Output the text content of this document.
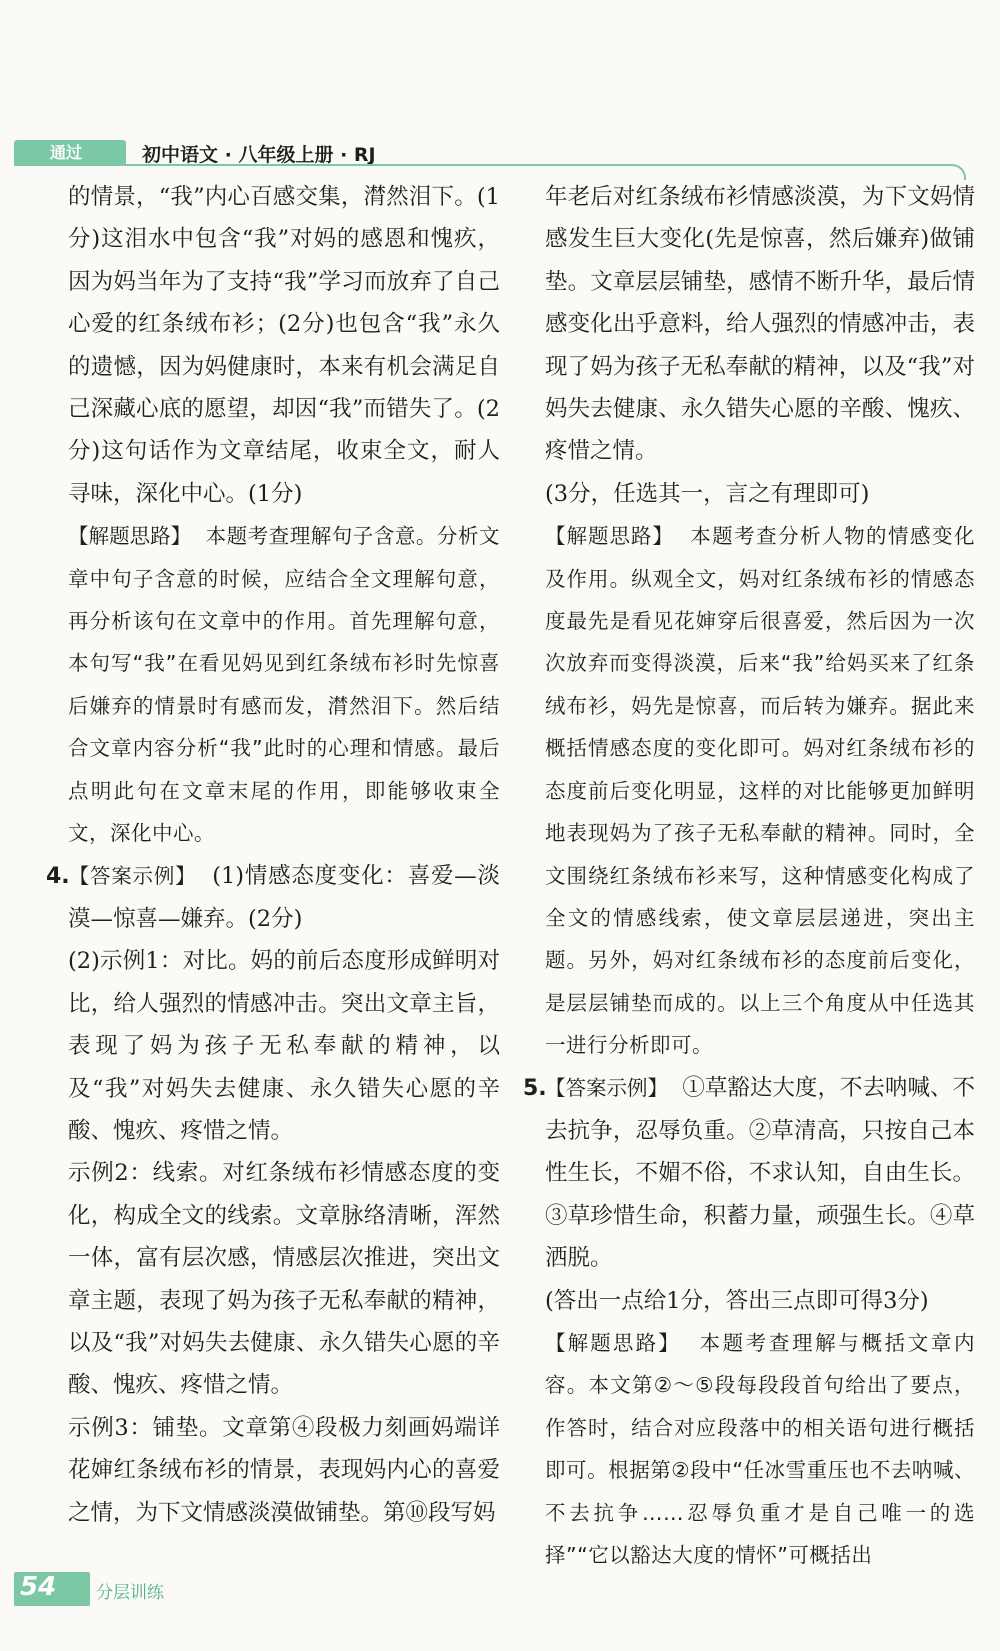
通过	初中语文 · 八年级上册 · RJ

的情景，“我”内心百感交集，潸然泪下。(1分)这泪水中包含“我”对妈的感恩和愧疚，因为妈当年为了支持“我”学习而放弃了自己心爱的红条绒布衫；(2分)也包含“我”永久的遗憾，因为妈健康时，本来有机会满足自己深藏心底的愿望，却因“我”而错失了。(2分)这句话作为文章结尾，收束全文，耐人寻味，深化中心。(1分)

【解题思路】 本题考查理解句子含意。分析文章中句子含意的时候，应结合全文理解句意，再分析该句在文章中的作用。首先理解句意，本句写“我”在看见妈见到红条绒布衫时先惊喜后嫌弃的情景时有感而发，潸然泪下。然后结合文章内容分析“我”此时的心理和情感。最后点明此句在文章末尾的作用，即能够收束全文，深化中心。

4.【答案示例】 (1)情感态度变化：喜爱—淡漠—惊喜—嫌弃。(2分)

(2)示例1：对比。妈的前后态度形成鲜明对比，给人强烈的情感冲击。突出文章主旨，表现了妈为孩子无私奉献的精神，以及“我”对妈失去健康、永久错失心愿的辛酸、愧疚、疼惜之情。

示例2：线索。对红条绒布衫情感态度的变化，构成全文的线索。文章脉络清晰，浑然一体，富有层次感，情感层次推进，突出文章主题，表现了妈为孩子无私奉献的精神，以及“我”对妈失去健康、永久错失心愿的辛酸、愧疚、疼惜之情。

示例3：铺垫。文章第④段极力刻画妈端详花婶红条绒布衫的情景，表现妈内心的喜爱之情，为下文情感淡漠做铺垫。第⑩段写妈

年老后对红条绒布衫情感淡漠，为下文妈情感发生巨大变化(先是惊喜，然后嫌弃)做铺垫。文章层层铺垫，感情不断升华，最后情感变化出乎意料，给人强烈的情感冲击，表现了妈为孩子无私奉献的精神，以及“我”对妈失去健康、永久错失心愿的辛酸、愧疚、疼惜之情。

(3分，任选其一，言之有理即可)

【解题思路】 本题考查分析人物的情感变化及作用。纵观全文，妈对红条绒布衫的情感态度最先是看见花婶穿后很喜爱，然后因为一次次放弃而变得淡漠，后来“我”给妈买来了红条绒布衫，妈先是惊喜，而后转为嫌弃。据此来概括情感态度的变化即可。妈对红条绒布衫的态度前后变化明显，这样的对比能够更加鲜明地表现妈为了孩子无私奉献的精神。同时，全文围绕红条绒布衫来写，这种情感变化构成了全文的情感线索，使文章层层递进，突出主题。另外，妈对红条绒布衫的态度前后变化，是层层铺垫而成的。以上三个角度从中任选其一进行分析即可。

5.【答案示例】 ①草豁达大度，不去呐喊、不去抗争，忍辱负重。②草清高，只按自己本性生长，不媚不俗，不求认知，自由生长。③草珍惜生命，积蓄力量，顽强生长。④草洒脱。

(答出一点给1分，答出三点即可得3分)

【解题思路】 本题考查理解与概括文章内容。本文第②～⑤段每段段首句给出了要点，作答时，结合对应段落中的相关语句进行概括即可。根据第②段中“任冰雪重压也不去呐喊、不去抗争……忍辱负重才是自己唯一的选择”“它以豁达大度的情怀”可概括出

54 分层训练
